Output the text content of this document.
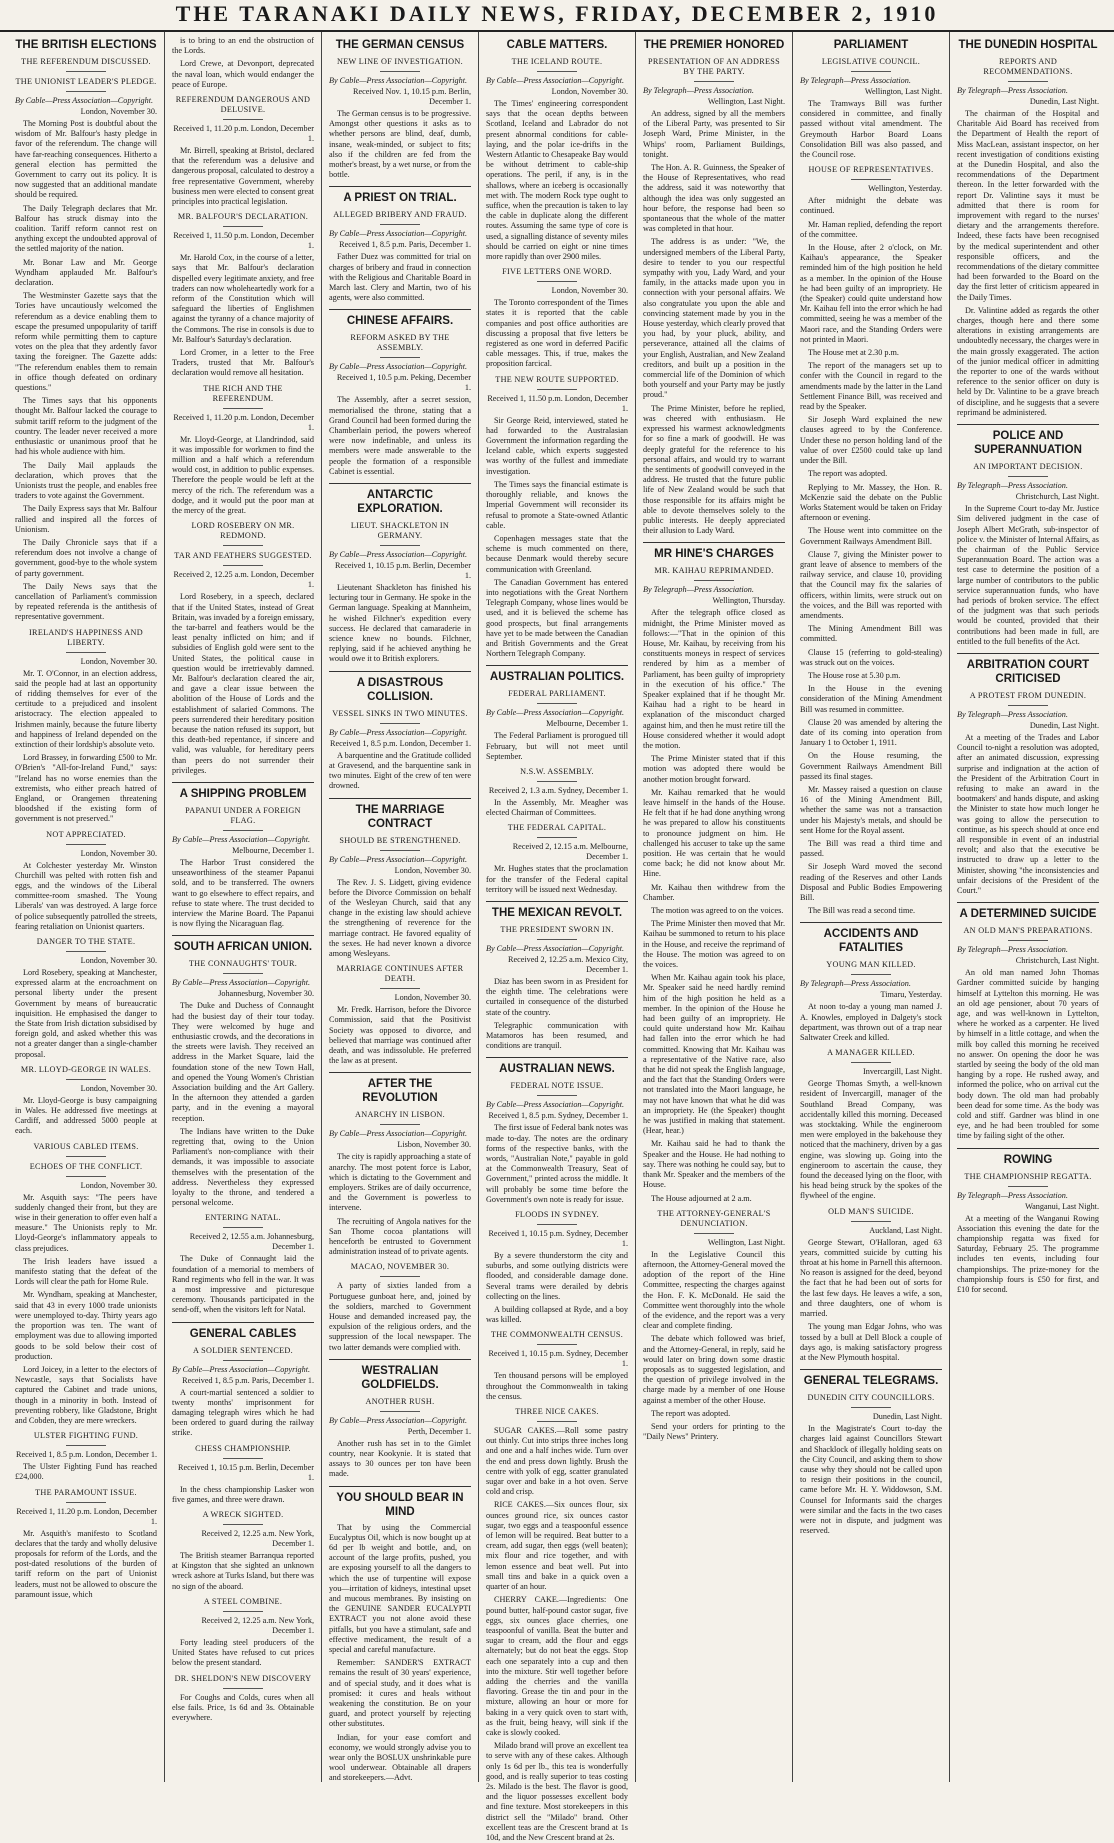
THE TARANAKI DAILY NEWS, FRIDAY, DECEMBER 2, 1910
THE BRITISH ELECTIONS
THE REFERENDUM DISCUSSED.
THE UNIONIST LEADER'S PLEDGE.
By Cable—Press Association—Copyright.
London, November 30.
The Morning Post is doubtful about the wisdom of Mr. Balfour's hasty pledge in favor of the referendum. The change will have far-reaching consequences. Hitherto a general election has permitted the Government to carry out its policy. It is now suggested that an additional mandate should be required.
The Daily Telegraph declares that Mr. Balfour has struck dismay into the coalition. Tariff reform cannot rest on anything except the undoubted approval of the settled majority of the nation.
Mr. Bonar Law and Mr. George Wyndham applauded Mr. Balfour's declaration.
The Westminster Gazette says that the Tories have uncautiously welcomed the referendum as a device enabling them to escape the presumed unpopularity of tariff reform while permitting them to capture votes on the plea that they ardently favor taxing the foreigner. The Gazette adds: "The referendum enables them to remain in office though defeated on ordinary questions."
The Times says that his opponents thought Mr. Balfour lacked the courage to submit tariff reform to the judgment of the country. The leader never received a more enthusiastic or unanimous proof that he had his whole audience with him.
The Daily Mail applauds the declaration, which proves that the Unionists trust the people, and enables free traders to vote against the Government.
The Daily Express says that Mr. Balfour rallied and inspired all the forces of Unionism.
The Daily Chronicle says that if a referendum does not involve a change of government, good-bye to the whole system of party government.
The Daily News says that the cancellation of Parliament's commission by repeated referenda is the antithesis of representative government.
IRELAND'S HAPPINESS AND LIBERTY.
London, November 30.
Mr. T. O'Connor, in an election address, said the people had at last an opportunity of ridding themselves for ever of the certitude to a prejudiced and insolent aristocracy. The election appealed to Irishmen mainly, because the future liberty and happiness of Ireland depended on the extinction of their lordship's absolute veto.
Lord Brassey, in forwarding £500 to Mr. O'Brien's "All-for-Ireland Fund," says: "Ireland has no worse enemies than the extremists, who either preach hatred of England, or Orangemen threatening bloodshed if the existing form of government is not preserved."
NOT APPRECIATED.
London, November 30.
At Colchester yesterday Mr. Winston Churchill was pelted with rotten fish and eggs, and the windows of the Liberal committee-room smashed. The Young Liberals' van was destroyed. A large force of police subsequently patrolled the streets, fearing retaliation on Unionist quarters.
DANGER TO THE STATE.
London, November 30.
Lord Rosebery, speaking at Manchester, expressed alarm at the encroachment on personal liberty under the present Government by means of bureaucratic inquisition. He emphasised the danger to the State from Irish dictation subsidised by foreign gold, and asked whether this was not a greater danger than a single-chamber proposal.
MR. LLOYD-GEORGE IN WALES.
London, November 30.
Mr. Lloyd-George is busy campaigning in Wales. He addressed five meetings at Cardiff, and addressed 5000 people at each.
VARIOUS CABLED ITEMS.
ECHOES OF THE CONFLICT.
London, November 30.
Mr. Asquith says: "The peers have suddenly changed their front, but they are wise in their generation to offer even half a measure." The Unionists reply to Mr. Lloyd-George's inflammatory appeals to class prejudices.
The Irish leaders have issued a manifesto stating that the defeat of the Lords will clear the path for Home Rule.
Mr. Wyndham, speaking at Manchester, said that 43 in every 1000 trade unionists were unemployed to-day. Thirty years ago the proportion was ten. The want of employment was due to allowing imported goods to be sold below their cost of production.
Lord Joicey, in a letter to the electors of Newcastle, says that Socialists have captured the Cabinet and trade unions, though in a minority in both. Instead of preventing robbery, like Gladstone, Bright and Cobden, they are mere wreckers.
ULSTER FIGHTING FUND.
Received 1, 8.5 p.m. London, December 1.
The Ulster Fighting Fund has reached £24,000.
THE PARAMOUNT ISSUE.
Received 1, 11.20 p.m. London, December 1.
Mr. Asquith's manifesto to Scotland declares that the tardy and wholly delusive proposals for reform of the Lords, and the post-dated resolutions of the burden of tariff reform on the part of Unionist leaders, must not be allowed to obscure the paramount issue, which
is to bring to an end the obstruction of the Lords.
Lord Crewe, at Devonport, deprecated the naval loan, which would endanger the peace of Europe.
REFERENDUM DANGEROUS AND DELUSIVE.
Received 1, 11.20 p.m. London, December 1.
Mr. Birrell, speaking at Bristol, declared that the referendum was a delusive and dangerous proposal, calculated to destroy a free representative Government, whereby business men were elected to consent great principles into practical legislation.
MR. BALFOUR'S DECLARATION.
Received 1, 11.50 p.m. London, December 1.
Mr. Harold Cox, in the course of a letter, says that Mr. Balfour's declaration dispelled every legitimate anxiety, and free traders can now wholeheartedly work for a reform of the Constitution which will safeguard the liberties of Englishmen against the tyranny of a chance majority of the Commons. The rise in consols is due to Mr. Balfour's Saturday's declaration.
Lord Cromer, in a letter to the Free Traders, trusted that Mr. Balfour's declaration would remove all hesitation.
THE RICH AND THE REFERENDUM.
Received 1, 11.20 p.m. London, December 1.
Mr. Lloyd-George, at Llandrindod, said it was impossible for workmen to find the million and a half which a referendum would cost, in addition to public expenses. Therefore the people would be left at the mercy of the rich. The referendum was a dodge, and it would put the poor man at the mercy of the great.
LORD ROSEBERY ON MR. REDMOND.
TAR AND FEATHERS SUGGESTED.
Received 2, 12.25 a.m. London, December 1.
Lord Rosebery, in a speech, declared that if the United States, instead of Great Britain, was invaded by a foreign emissary, the tar-barrel and feathers would be the least penalty inflicted on him; and if subsidies of English gold were sent to the United States, the political cause in question would be irretrievably damned. Mr. Balfour's declaration cleared the air, and gave a clear issue between the abolition of the House of Lords and the establishment of salaried Commons. The peers surrendered their hereditary position because the nation refused its support, but this death-bed repentance, if sincere and valid, was valuable, for hereditary peers than peers do not surrender their privileges.
A SHIPPING PROBLEM
PAPANUI UNDER A FOREIGN FLAG.
By Cable—Press Association—Copyright.
Melbourne, December 1.
The Harbor Trust considered the unseaworthiness of the steamer Papanui sold, and to be transferred. The owners want to go elsewhere to effect repairs, and refuse to state where. The trust decided to interview the Marine Board. The Papanui is now flying the Nicaraguan flag.
SOUTH AFRICAN UNION.
THE CONNAUGHTS' TOUR.
By Cable—Press Association—Copyright.
Johannesburg, November 30.
The Duke and Duchess of Connaught had the busiest day of their tour today. They were welcomed by huge and enthusiastic crowds, and the decorations in the streets were lavish. They received an address in the Market Square, laid the foundation stone of the new Town Hall, and opened the Young Women's Christian Association building and the Art Gallery. In the afternoon they attended a garden party, and in the evening a mayoral reception.
The Indians have written to the Duke regretting that, owing to the Union Parliament's non-compliance with their demands, it was impossible to associate themselves with the presentation of the address. Nevertheless they expressed loyalty to the throne, and tendered a personal welcome.
ENTERING NATAL.
Received 2, 12.55 a.m. Johannesburg, December 1.
The Duke of Connaught laid the foundation of a memorial to members of Rand regiments who fell in the war. It was a most impressive and picturesque ceremony. Thousands participated in the send-off, when the visitors left for Natal.
GENERAL CABLES
A SOLDIER SENTENCED.
By Cable—Press Association—Copyright.
Received 1, 8.5 p.m. Paris, December 1.
A court-martial sentenced a soldier to twenty months' imprisonment for damaging telegraph wires which he had been ordered to guard during the railway strike.
CHESS CHAMPIONSHIP.
Received 1, 10.15 p.m. Berlin, December 1.
In the chess championship Lasker won five games, and three were drawn.
A WRECK SIGHTED.
Received 2, 12.25 a.m. New York, December 1.
The British steamer Barranqua reported at Kingston that she sighted an unknown wreck ashore at Turks Island, but there was no sign of the aboard.
A STEEL COMBINE.
Received 2, 12.25 a.m. New York, December 1.
Forty leading steel producers of the United States have refused to cut prices below the present standard.
DR. SHELDON'S NEW DISCOVERY
For Coughs and Colds, cures when all else fails. Price, 1s 6d and 3s. Obtainable everywhere.
THE GERMAN CENSUS
NEW LINE OF INVESTIGATION.
By Cable—Press Association—Copyright.
Received Nov. 1, 10.15 p.m. Berlin, December 1.
The German census is to be progressive. Amongst other questions it asks as to whether persons are blind, deaf, dumb, insane, weak-minded, or subject to fits; also if the children are fed from the mother's breast, by a wet nurse, or from the bottle.
A PRIEST ON TRIAL.
ALLEGED BRIBERY AND FRAUD.
By Cable—Press Association—Copyright.
Received 1, 8.5 p.m. Paris, December 1.
Father Duez was committed for trial on charges of bribery and fraud in connection with the Religious and Charitable Board in March last. Clery and Martin, two of his agents, were also committed.
CHINESE AFFAIRS.
REFORM ASKED BY THE ASSEMBLY.
By Cable—Press Association—Copyright.
Received 1, 10.5 p.m. Peking, December 1.
The Assembly, after a secret session, memorialised the throne, stating that a Grand Council had been formed during the Chamberlain period, the powers whereof were now indefinable, and unless its members were made answerable to the people the formation of a responsible Cabinet is essential.
ANTARCTIC EXPLORATION.
LIEUT. SHACKLETON IN GERMANY.
By Cable—Press Association—Copyright.
Received 1, 10.15 p.m. Berlin, December 1.
Lieutenant Shackleton has finished his lecturing tour in Germany. He spoke in the German language. Speaking at Mannheim, he wished Filchner's expedition every success. He declared that camaraderie in science knew no bounds. Filchner, replying, said if he achieved anything he would owe it to British explorers.
A DISASTROUS COLLISION.
VESSEL SINKS IN TWO MINUTES.
By Cable—Press Association—Copyright.
Received 1, 8.5 p.m. London, December 1.
A barquentine and the Gratitude collided at Gravesend, and the barquentine sank in two minutes. Eight of the crew of ten were drowned.
THE MARRIAGE CONTRACT
SHOULD BE STRENGTHENED.
By Cable—Press Association—Copyright.
London, November 30.
The Rev. J. S. Lidgett, giving evidence before the Divorce Commission on behalf of the Wesleyan Church, said that any change in the existing law should achieve the strengthening of reverence for the marriage contract. He favored equality of the sexes. He had never known a divorce among Wesleyans.
MARRIAGE CONTINUES AFTER DEATH.
London, November 30.
Mr. Fredk. Harrison, before the Divorce Commission, said that the Positivist Society was opposed to divorce, and believed that marriage was continued after death, and was indissoluble. He preferred the law as at present.
AFTER THE REVOLUTION
ANARCHY IN LISBON.
By Cable—Press Association—Copyright.
Lisbon, November 30.
The city is rapidly approaching a state of anarchy. The most potent force is Labor, which is dictating to the Government and employers. Strikes are of daily occurrence, and the Government is powerless to intervene.
The recruiting of Angola natives for the San Thome cocoa plantations will henceforth be entrusted to Government administration instead of to private agents.
MACAO, NOVEMBER 30.
A party of sixties landed from a Portuguese gunboat here, and, joined by the soldiers, marched to Government House and demanded increased pay, the expulsion of the religious orders, and the suppression of the local newspaper. The two latter demands were complied with.
WESTRALIAN GOLDFIELDS.
ANOTHER RUSH.
By Cable—Press Association—Copyright.
Perth, December 1.
Another rush has set in to the Gimlet country, near Kookynie. It is stated that assays to 30 ounces per ton have been made.
YOU SHOULD BEAR IN MIND
That by using the Commercial Eucalyptus Oil, which is now bought up at 6d per lb weight and bottle, and, on account of the large profits, pushed, you are exposing yourself to all the dangers to which the use of turpentine will expose you—irritation of kidneys, intestinal upset and mucous membranes. By insisting on the GENUINE SANDER EUCALYPTI EXTRACT you not alone avoid these pitfalls, but you have a stimulant, safe and effective medicament, the result of a special and careful manufacture.
Remember: SANDER'S EXTRACT remains the result of 30 years' experience, and of special study, and it does what is promised: it cures and heals without weakening the constitution. Be on your guard, and protect yourself by rejecting other substitutes.
Indian, for your ease comfort and economy, we would strongly advise you to wear only the BOSLUX unshrinkable pure wool underwear. Obtainable all drapers and storekeepers.—Advt.
CABLE MATTERS.
THE ICELAND ROUTE.
By Cable—Press Association—Copyright.
London, November 30.
The Times' engineering correspondent says that the ocean depths between Scotland, Iceland and Labrador do not present abnormal conditions for cable-laying, and the polar ice-drifts in the Western Atlantic to Chesapeake Bay would be without detriment to cable-ship operations. The peril, if any, is in the shallows, where an iceberg is occasionally met with. The modern Rock type ought to suffice, when the precaution is taken to lay the cable in duplicate along the different routes. Assuming the same type of core is used, a signalling distance of seventy miles should be carried on eight or nine times more rapidly than over 2900 miles.
FIVE LETTERS ONE WORD.
London, November 30.
The Toronto correspondent of the Times states it is reported that the cable companies and post office authorities are discussing a proposal that five letters be registered as one word in deferred Pacific cable messages. This, if true, makes the proposition farcical.
THE NEW ROUTE SUPPORTED.
Received 1, 11.50 p.m. London, December 1.
Sir George Reid, interviewed, stated he had forwarded to the Australasian Government the information regarding the Iceland cable, which experts suggested was worthy of the fullest and immediate investigation.
The Times says the financial estimate is thoroughly reliable, and knows the Imperial Government will reconsider its refusal to promote a State-owned Atlantic cable.
Copenhagen messages state that the scheme is much commented on there, because Denmark would thereby secure communication with Greenland.
The Canadian Government has entered into negotiations with the Great Northern Telegraph Company, whose lines would be used, and it is believed the scheme has good prospects, but final arrangements have yet to be made between the Canadian and British Governments and the Great Northern Telegraph Company.
AUSTRALIAN POLITICS.
FEDERAL PARLIAMENT.
By Cable—Press Association—Copyright.
Melbourne, December 1.
The Federal Parliament is prorogued till February, but will not meet until September.
N.S.W. ASSEMBLY.
Received 2, 1.3 a.m. Sydney, December 1.
In the Assembly, Mr. Meagher was elected Chairman of Committees.
THE FEDERAL CAPITAL.
Received 2, 12.15 a.m. Melbourne, December 1.
Mr. Hughes states that the proclamation for the transfer of the Federal capital territory will be issued next Wednesday.
THE MEXICAN REVOLT.
THE PRESIDENT SWORN IN.
By Cable—Press Association—Copyright.
Received 2, 12.25 a.m. Mexico City, December 1.
Diaz has been sworn in as President for the eighth time. The celebrations were curtailed in consequence of the disturbed state of the country.
Telegraphic communication with Matamoros has been resumed, and conditions are tranquil.
AUSTRALIAN NEWS.
FEDERAL NOTE ISSUE.
By Cable—Press Association—Copyright.
Received 1, 8.5 p.m. Sydney, December 1.
The first issue of Federal bank notes was made to-day. The notes are the ordinary forms of the respective banks, with the words, "Australian Note," payable in gold at the Commonwealth Treasury, Seat of Government," printed across the middle. It will probably be some time before the Government's own note is ready for issue.
FLOODS IN SYDNEY.
Received 1, 10.15 p.m. Sydney, December 1.
By a severe thunderstorm the city and suburbs, and some outlying districts were flooded, and considerable damage done. Several trams were derailed by debris collecting on the lines.
A building collapsed at Ryde, and a boy was killed.
THE COMMONWEALTH CENSUS.
Received 1, 10.15 p.m. Sydney, December 1.
Ten thousand persons will be employed throughout the Commonwealth in taking the census.
THREE NICE CAKES.
SUGAR CAKES.—Roll some pastry out thinly. Cut into strips three inches long and one and a half inches wide. Turn over the end and press down lightly. Brush the centre with yolk of egg, scatter granulated sugar over and bake in a hot oven. Serve cold and crisp.
RICE CAKES.—Six ounces flour, six ounces ground rice, six ounces castor sugar, two eggs and a teaspoonful essence of lemon will be required. Beat butter to a cream, add sugar, then eggs (well beaten); mix flour and rice together, and with lemon essence and beat well. Put into small tins and bake in a quick oven a quarter of an hour.
CHERRY CAKE.—Ingredients: One pound butter, half-pound castor sugar, five eggs, six ounces glace cherries, one teaspoonful of vanilla. Beat the butter and sugar to cream, add the flour and eggs alternately; but do not beat the eggs. Stop each one separately into a cup and then into the mixture. Stir well together before adding the cherries and the vanilla flavoring. Grease the tin and pour in the mixture, allowing an hour or more for baking in a very quick oven to start with, as the fruit, being heavy, will sink if the cake is slowly cooked.
Milado brand will prove an excellent tea to serve with any of these cakes. Although only 1s 6d per lb., this tea is wonderfully good, and is really superior to teas costing 2s. Milado is the best. The flavor is good, and the liquor possesses excellent body and fine texture. Most storekeepers in this district sell the "Milado" brand. Other excellent teas are the Crescent brand at 1s 10d, and the New Crescent brand at 2s.
THE PREMIER HONORED
PRESENTATION OF AN ADDRESS BY THE PARTY.
By Telegraph—Press Association.
Wellington, Last Night.
An address, signed by all the members of the Liberal Party, was presented to Sir Joseph Ward, Prime Minister, in the Whips' room, Parliament Buildings, tonight.
The Hon. A. R. Guinness, the Speaker of the House of Representatives, who read the address, said it was noteworthy that although the idea was only suggested an hour before, the response had been so spontaneous that the whole of the matter was completed in that hour.
The address is as under: "We, the undersigned members of the Liberal Party, desire to tender to you our respectful sympathy with you, Lady Ward, and your family, in the attacks made upon you in connection with your personal affairs. We also congratulate you upon the able and convincing statement made by you in the House yesterday, which clearly proved that you had, by your pluck, ability, and perseverance, attained all the claims of your English, Australian, and New Zealand creditors, and built up a position in the commercial life of the Dominion of which both yourself and your Party may be justly proud."
The Prime Minister, before he replied, was cheered with enthusiasm. He expressed his warmest acknowledgments for so fine a mark of goodwill. He was deeply grateful for the reference to his personal affairs, and would try to warrant the sentiments of goodwill conveyed in the address. He trusted that the future public life of New Zealand would be such that those responsible for its affairs might be able to devote themselves solely to the public interests. He deeply appreciated their allusion to Lady Ward.
MR HINE'S CHARGES
MR. KAIHAU REPRIMANDED.
By Telegraph—Press Association.
Wellington, Thursday.
After the telegraph office closed as midnight, the Prime Minister moved as follows:—"That in the opinion of this House, Mr. Kaihau, by receiving from his constituents moneys in respect of services rendered by him as a member of Parliament, has been guilty of impropriety in the execution of his office." The Speaker explained that if he thought Mr. Kaihau had a right to be heard in explanation of the misconduct charged against him, and then he must retire till the House considered whether it would adopt the motion.
The Prime Minister stated that if this motion was adopted there would be another motion brought forward.
Mr. Kaihau remarked that he would leave himself in the hands of the House. He felt that if he had done anything wrong he was prepared to allow his constituents to pronounce judgment on him. He challenged his accuser to take up the same position. He was certain that he would come back; he did not know about Mr. Hine.
Mr. Kaihau then withdrew from the Chamber.
The motion was agreed to on the voices.
The Prime Minister then moved that Mr. Kaihau be summoned to return to his place in the House, and receive the reprimand of the House. The motion was agreed to on the voices.
When Mr. Kaihau again took his place, Mr. Speaker said he need hardly remind him of the high position he held as a member. In the opinion of the House he had been guilty of an impropriety. He could quite understand how Mr. Kaihau had fallen into the error which he had committed. Knowing that Mr. Kaihau was a representative of the Native race, also that he did not speak the English language, and the fact that the Standing Orders were not translated into the Maori language, he may not have known that what he did was an impropriety. He (the Speaker) thought he was justified in making that statement. (Hear, hear.)
Mr. Kaihau said he had to thank the Speaker and the House. He had nothing to say. There was nothing he could say, but to thank Mr. Speaker and the members of the House.
The House adjourned at 2 a.m.
THE ATTORNEY-GENERAL'S DENUNCIATION.
Wellington, Last Night.
In the Legislative Council this afternoon, the Attorney-General moved the adoption of the report of the Hine Committee, respecting the charges against the Hon. F. K. McDonald. He said the Committee went thoroughly into the whole of the evidence, and the report was a very clear and complete finding.
The debate which followed was brief, and the Attorney-General, in reply, said he would later on bring down some drastic proposals as to suggested legislation, and the question of privilege involved in the charge made by a member of one House against a member of the other House.
The report was adopted.
Send your orders for printing to the "Daily News" Printery.
PARLIAMENT
LEGISLATIVE COUNCIL.
By Telegraph—Press Association.
Wellington, Last Night.
The Tramways Bill was further considered in committee, and finally passed without vital amendment. The Greymouth Harbor Board Loans Consolidation Bill was also passed, and the Council rose.
HOUSE OF REPRESENTATIVES.
Wellington, Yesterday.
After midnight the debate was continued.
Mr. Haman replied, defending the report of the committee.
In the House, after 2 o'clock, on Mr. Kaihau's appearance, the Speaker reminded him of the high position he held as a member. In the opinion of the House he had been guilty of an impropriety. He (the Speaker) could quite understand how Mr. Kaihau fell into the error which he had committed, seeing he was a member of the Maori race, and the Standing Orders were not printed in Maori.
The House met at 2.30 p.m.
The report of the managers set up to confer with the Council in regard to the amendments made by the latter in the Land Settlement Finance Bill, was received and read by the Speaker.
Sir Joseph Ward explained the new clauses agreed to by the Conference. Under these no person holding land of the value of over £2500 could take up land under the Bill.
The report was adopted.
Replying to Mr. Massey, the Hon. R. McKenzie said the debate on the Public Works Statement would be taken on Friday afternoon or evening.
The House went into committee on the Government Railways Amendment Bill.
Clause 7, giving the Minister power to grant leave of absence to members of the railway service, and clause 10, providing that the Council may fix the salaries of officers, within limits, were struck out on the voices, and the Bill was reported with amendments.
The Mining Amendment Bill was committed.
Clause 15 (referring to gold-stealing) was struck out on the voices.
The House rose at 5.30 p.m.
In the House in the evening consideration of the Mining Amendment Bill was resumed in committee.
Clause 20 was amended by altering the date of its coming into operation from January 1 to October 1, 1911.
On the House resuming, the Government Railways Amendment Bill passed its final stages.
Mr. Massey raised a question on clause 16 of the Mining Amendment Bill, whether the same was not a transaction under his Majesty's metals, and should be sent Home for the Royal assent.
The Bill was read a third time and passed.
Sir Joseph Ward moved the second reading of the Reserves and other Lands Disposal and Public Bodies Empowering Bill.
The Bill was read a second time.
ACCIDENTS AND FATALITIES
YOUNG MAN KILLED.
By Telegraph—Press Association.
Timaru, Yesterday.
At noon to-day a young man named J. A. Knowles, employed in Dalgety's stock department, was thrown out of a trap near Saltwater Creek and killed.
A MANAGER KILLED.
Invercargill, Last Night.
George Thomas Smyth, a well-known resident of Invercargill, manager of the Southland Bread Company, was accidentally killed this morning. Deceased was stocktaking. While the engineroom men were employed in the bakehouse they noticed that the machinery, driven by a gas engine, was slowing up. Going into the engineroom to ascertain the cause, they found the deceased lying on the floor, with his head being struck by the spokes of the flywheel of the engine.
OLD MAN'S SUICIDE.
Auckland, Last Night.
George Stewart, O'Halloran, aged 63 years, committed suicide by cutting his throat at his home in Parnell this afternoon. No reason is assigned for the deed, beyond the fact that he had been out of sorts for the last few days. He leaves a wife, a son, and three daughters, one of whom is married.
The young man Edgar Johns, who was tossed by a bull at Dell Block a couple of days ago, is making satisfactory progress at the New Plymouth hospital.
GENERAL TELEGRAMS.
DUNEDIN CITY COUNCILLORS.
Dunedin, Last Night.
In the Magistrate's Court to-day the charges laid against Councillors Stewart and Shacklock of illegally holding seats on the City Council, and asking them to show cause why they should not be called upon to resign their positions in the council, came before Mr. H. Y. Widdowson, S.M. Counsel for Informants said the charges were similar and the facts in the two cases were not in dispute, and judgment was reserved.
THE DUNEDIN HOSPITAL
REPORTS AND RECOMMENDATIONS.
By Telegraph—Press Association.
Dunedin, Last Night.
The chairman of the Hospital and Charitable Aid Board has received from the Department of Health the report of Miss MacLean, assistant inspector, on her recent investigation of conditions existing at the Dunedin Hospital, and also the recommendations of the Department thereon. In the letter forwarded with the report Dr. Valintine says it must be admitted that there is room for improvement with regard to the nurses' dietary and the arrangements therefore. Indeed, these facts have been recognised by the medical superintendent and other responsible officers, and the recommendations of the dietary committee had been forwarded to the Board on the day the first letter of criticism appeared in the Daily Times.
Dr. Valintine added as regards the other charges, though here and there some alterations in existing arrangements are undoubtedly necessary, the charges were in the main grossly exaggerated. The action of the junior medical officer in admitting the reporter to one of the wards without reference to the senior officer on duty is held by Dr. Valintine to be a grave breach of discipline, and he suggests that a severe reprimand be administered.
POLICE AND SUPERANNUATION
AN IMPORTANT DECISION.
By Telegraph—Press Association.
Christchurch, Last Night.
In the Supreme Court to-day Mr. Justice Sim delivered judgment in the case of Joseph Albert McGrath, sub-inspector of police v. the Minister of Internal Affairs, as the chairman of the Public Service Superannuation Board. The action was a test case to determine the position of a large number of contributors to the public service superannuation funds, who have had periods of broken service. The effect of the judgment was that such periods would be counted, provided that their contributions had been made in full, are entitled to the full benefits of the Act.
ARBITRATION COURT CRITICISED
A PROTEST FROM DUNEDIN.
By Telegraph—Press Association.
Dunedin, Last Night.
At a meeting of the Trades and Labor Council to-night a resolution was adopted, after an animated discussion, expressing surprise and indignation at the action of the President of the Arbitration Court in refusing to make an award in the bootmakers' and hands dispute, and asking the Minister to state how much longer he was going to allow the persecution to continue, as his speech should at once end all responsible in event of an industrial revolt; and also that the executive be instructed to draw up a letter to the Minister, showing "the inconsistencies and unfair decisions of the President of the Court."
A DETERMINED SUICIDE
AN OLD MAN'S PREPARATIONS.
By Telegraph—Press Association.
Christchurch, Last Night.
An old man named John Thomas Gardner committed suicide by hanging himself at Lyttelton this morning. He was an old age pensioner, about 70 years of age, and was well-known in Lyttelton, where he worked as a carpenter. He lived by himself in a little cottage, and when the milk boy called this morning he received no answer. On opening the door he was startled by seeing the body of the old man hanging by a rope. He rushed away, and informed the police, who on arrival cut the body down. The old man had probably been dead for some time. As the body was cold and stiff. Gardner was blind in one eye, and he had been troubled for some time by failing sight of the other.
ROWING
THE CHAMPIONSHIP REGATTA.
By Telegraph—Press Association.
Wanganui, Last Night.
At a meeting of the Wanganui Rowing Association this evening the date for the championship regatta was fixed for Saturday, February 25. The programme includes ten events, including four championships. The prize-money for the championship fours is £50 for first, and £10 for second.
